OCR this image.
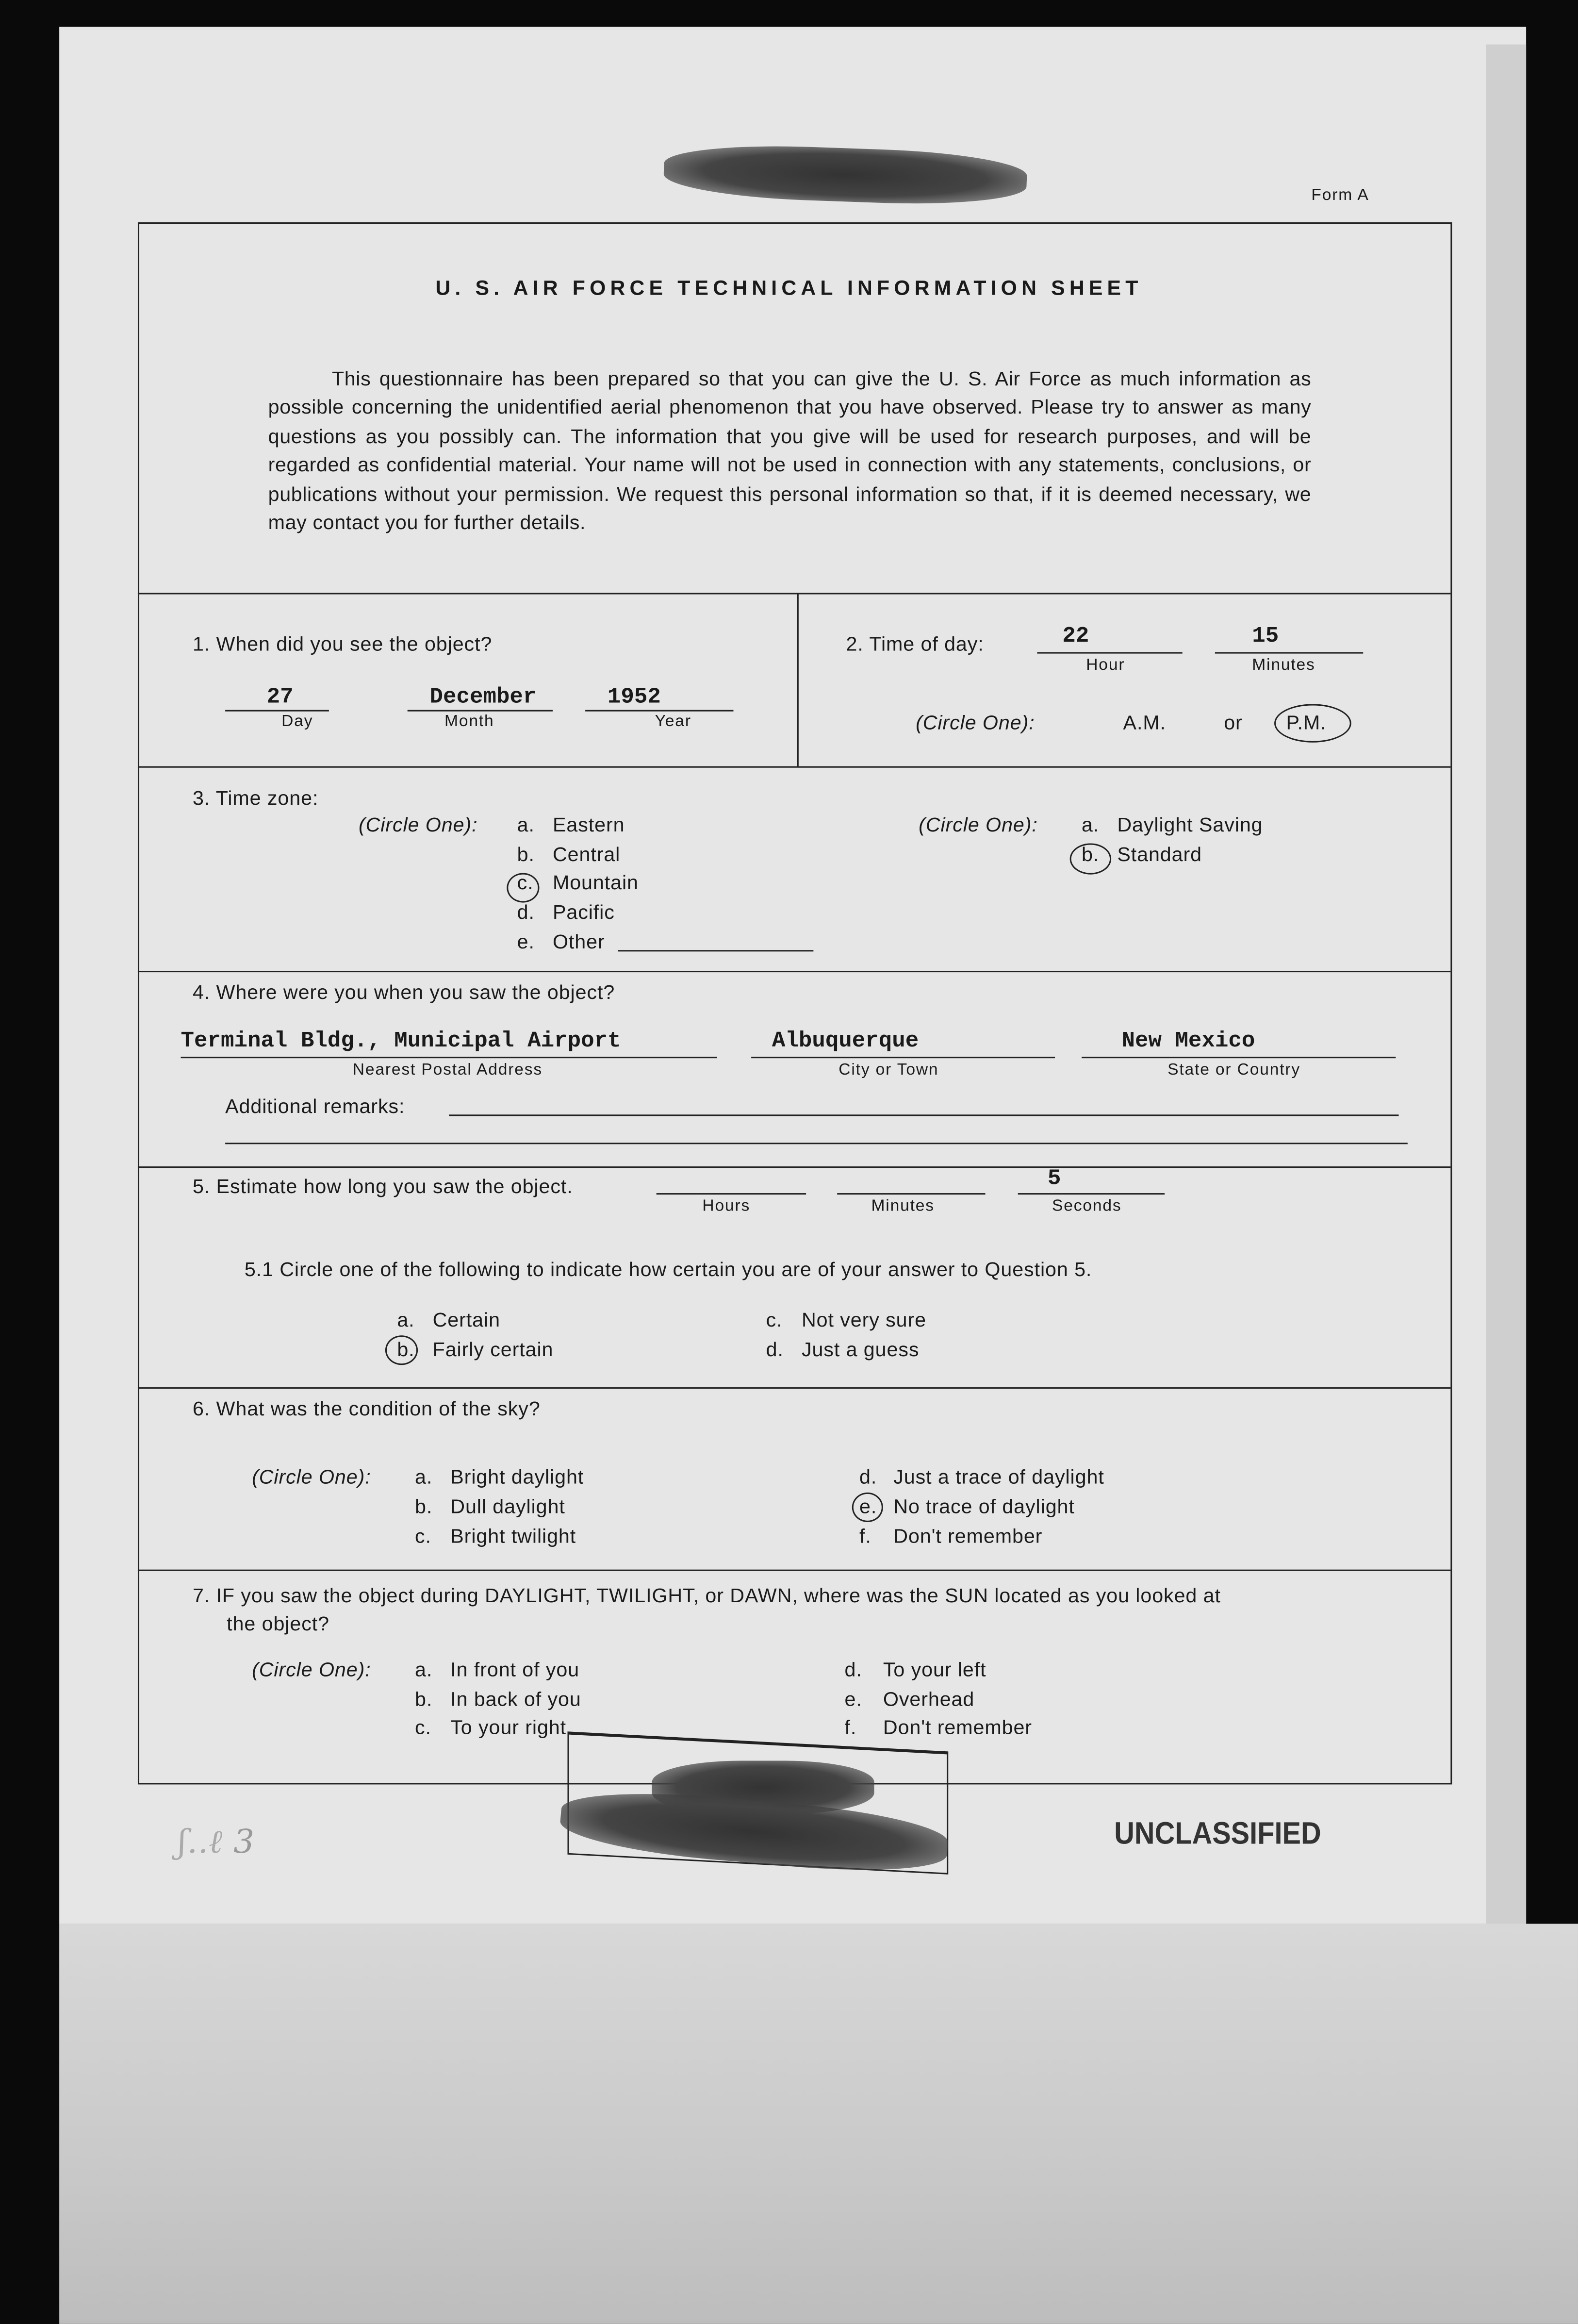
Form A
U. S. AIR FORCE TECHNICAL INFORMATION SHEET
This questionnaire has been prepared so that you can give the U. S. Air Force as much information as possible concerning the unidentified aerial phenomenon that you have observed. Please try to answer as many questions as you possibly can. The information that you give will be used for research purposes, and will be regarded as confidential material. Your name will not be used in connection with any statements, conclusions, or publications without your permission. We request this personal information so that, if it is deemed necessary, we may contact you for further details.
1. When did you see the object?
27
Day
December
Month
1952
Year
2. Time of day:	22
Hour
15
Minutes
(Circle One):	A.M.	or	P.M.
3. Time zone:
(Circle One):	a.	Eastern
b.	Central
c.	Mountain
d.	Pacific
e.	Other
(Circle One):	a.	Daylight Saving
b.	Standard
4. Where were you when you saw the object?
Terminal Bldg., Municipal Airport
Nearest Postal Address
Albuquerque
City or Town
New Mexico
State or Country
Additional remarks:
5. Estimate how long you saw the object.
Hours	Minutes
5
Seconds
5.1 Circle one of the following to indicate how certain you are of your answer to Question 5.
a.	Certain
b.	Fairly certain
c.	Not very sure
d.	Just a guess
6. What was the condition of the sky?
(Circle One):	a.	Bright daylight
b.	Dull daylight
c.	Bright twilight
d.	Just a trace of daylight
e.	No trace of daylight
f.	Don't remember
7. IF you saw the object during DAYLIGHT, TWILIGHT, or DAWN, where was the SUN located as you looked at
the object?
(Circle One):	a.	In front of you
b.	In back of you
c.	To your right
d.	To your left
e.	Overhead
f.	Don't remember
UNCLASSIFIED
ʃ..ℓ 3
